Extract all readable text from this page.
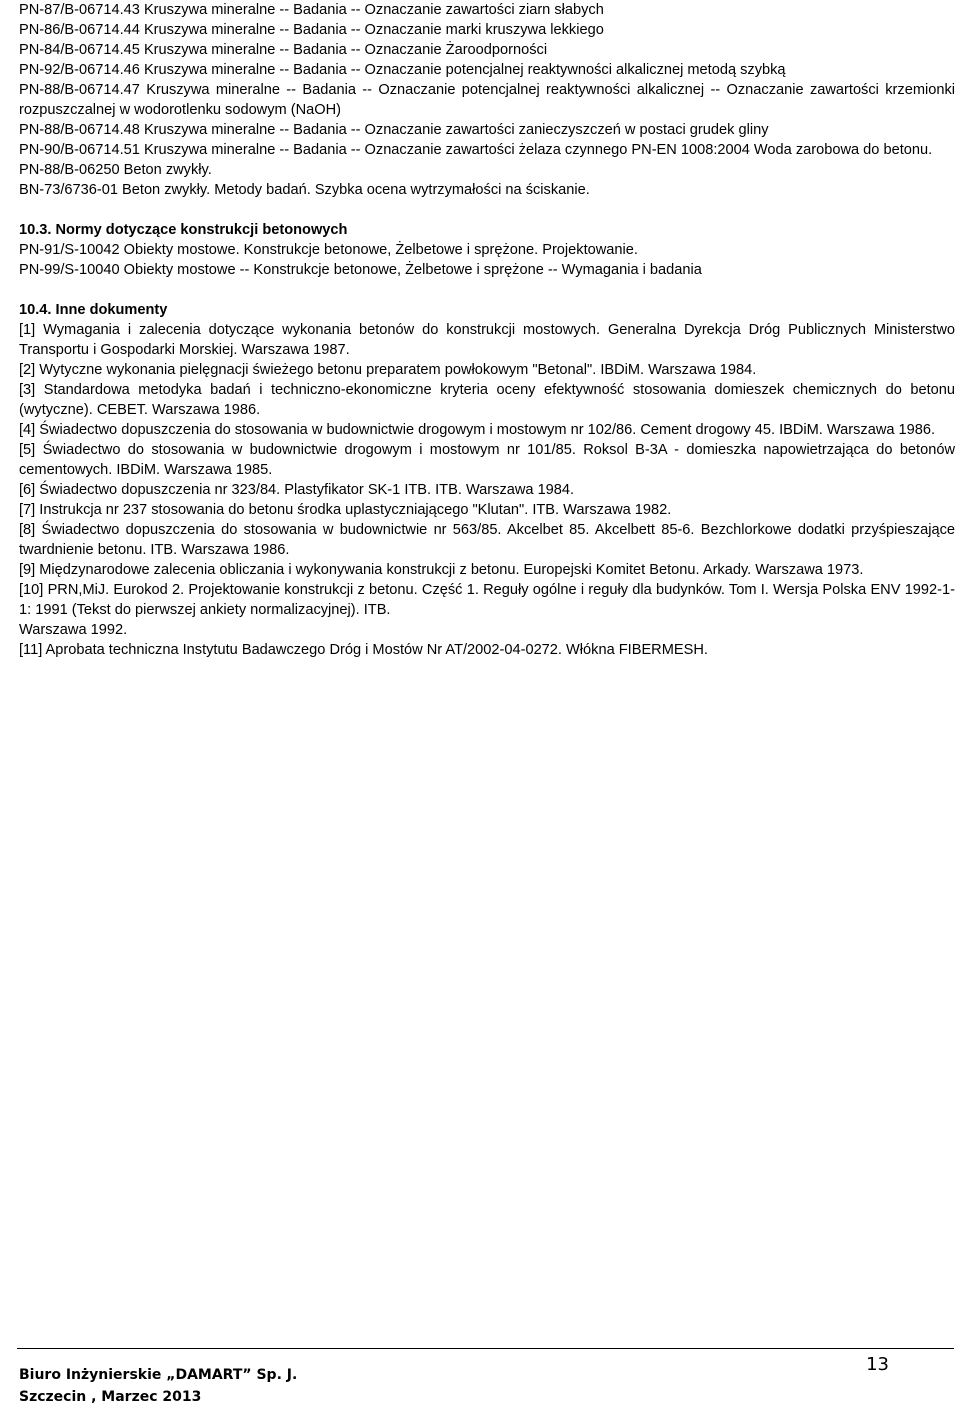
PN-87/B-06714.43 Kruszywa mineralne -- Badania -- Oznaczanie zawartości ziarn słabych

PN-86/B-06714.44 Kruszywa mineralne -- Badania -- Oznaczanie marki kruszywa lekkiego

PN-84/B-06714.45 Kruszywa mineralne -- Badania -- Oznaczanie Żaroodporności

PN-92/B-06714.46 Kruszywa mineralne -- Badania -- Oznaczanie potencjalnej reaktywności alkalicznej metodą szybką

PN-88/B-06714.47 Kruszywa mineralne -- Badania -- Oznaczanie potencjalnej reaktywności alkalicznej -- Oznaczanie zawartości krzemionki rozpuszczalnej w wodorotlenku sodowym (NaOH)

PN-88/B-06714.48 Kruszywa mineralne -- Badania -- Oznaczanie zawartości zanieczyszczeń w postaci grudek gliny

PN-90/B-06714.51 Kruszywa mineralne -- Badania -- Oznaczanie zawartości żelaza czynnego PN-EN 1008:2004 Woda zarobowa do betonu.

PN-88/B-06250 Beton zwykły.

BN-73/6736-01 Beton zwykły. Metody badań. Szybka ocena wytrzymałości na ściskanie.

10.3. Normy dotyczące konstrukcji betonowych

PN-91/S-10042 Obiekty mostowe. Konstrukcje betonowe, Żelbetowe i sprężone. Projektowanie.

PN-99/S-10040 Obiekty mostowe -- Konstrukcje betonowe, Żelbetowe i sprężone -- Wymagania i badania

10.4. Inne dokumenty

[1] Wymagania i zalecenia dotyczące wykonania betonów do konstrukcji mostowych. Generalna Dyrekcja Dróg Publicznych Ministerstwo Transportu i Gospodarki Morskiej. Warszawa 1987.

[2] Wytyczne wykonania pielęgnacji świeżego betonu preparatem powłokowym "Betonal". IBDiM. Warszawa 1984.

[3] Standardowa metodyka badań i techniczno-ekonomiczne kryteria oceny efektywność stosowania domieszek chemicznych do betonu (wytyczne). CEBET. Warszawa 1986.

[4] Świadectwo dopuszczenia do stosowania w budownictwie drogowym i mostowym nr 102/86. Cement drogowy 45. IBDiM. Warszawa 1986.

[5] Świadectwo do stosowania w budownictwie drogowym i mostowym nr 101/85. Roksol B-3A - domieszka napowietrzająca do betonów cementowych. IBDiM. Warszawa 1985.

[6] Świadectwo dopuszczenia nr 323/84. Plastyfikator SK-1 ITB. ITB. Warszawa 1984.

[7] Instrukcja nr 237 stosowania do betonu środka uplastyczniającego "Klutan". ITB. Warszawa 1982.

[8] Świadectwo dopuszczenia do stosowania w budownictwie nr 563/85. Akcelbet 85. Akcelbett 85-6. Bezchlorkowe dodatki przyśpieszające twardnienie betonu. ITB. Warszawa 1986.

[9] Międzynarodowe zalecenia obliczania i wykonywania konstrukcji z betonu. Europejski Komitet Betonu. Arkady. Warszawa 1973.

[10] PRN,MiJ. Eurokod 2. Projektowanie konstrukcji z betonu. Część 1. Reguły ogólne i reguły dla budynków. Tom I. Wersja Polska ENV 1992-1-1: 1991 (Tekst do pierwszej ankiety normalizacyjnej). ITB.

Warszawa 1992.

[11] Aprobata techniczna Instytutu Badawczego Dróg i Mostów Nr AT/2002-04-0272. Włókna FIBERMESH.

Biuro Inżynierskie „DAMART” Sp. J.
Szczecin , Marzec 2013
13
